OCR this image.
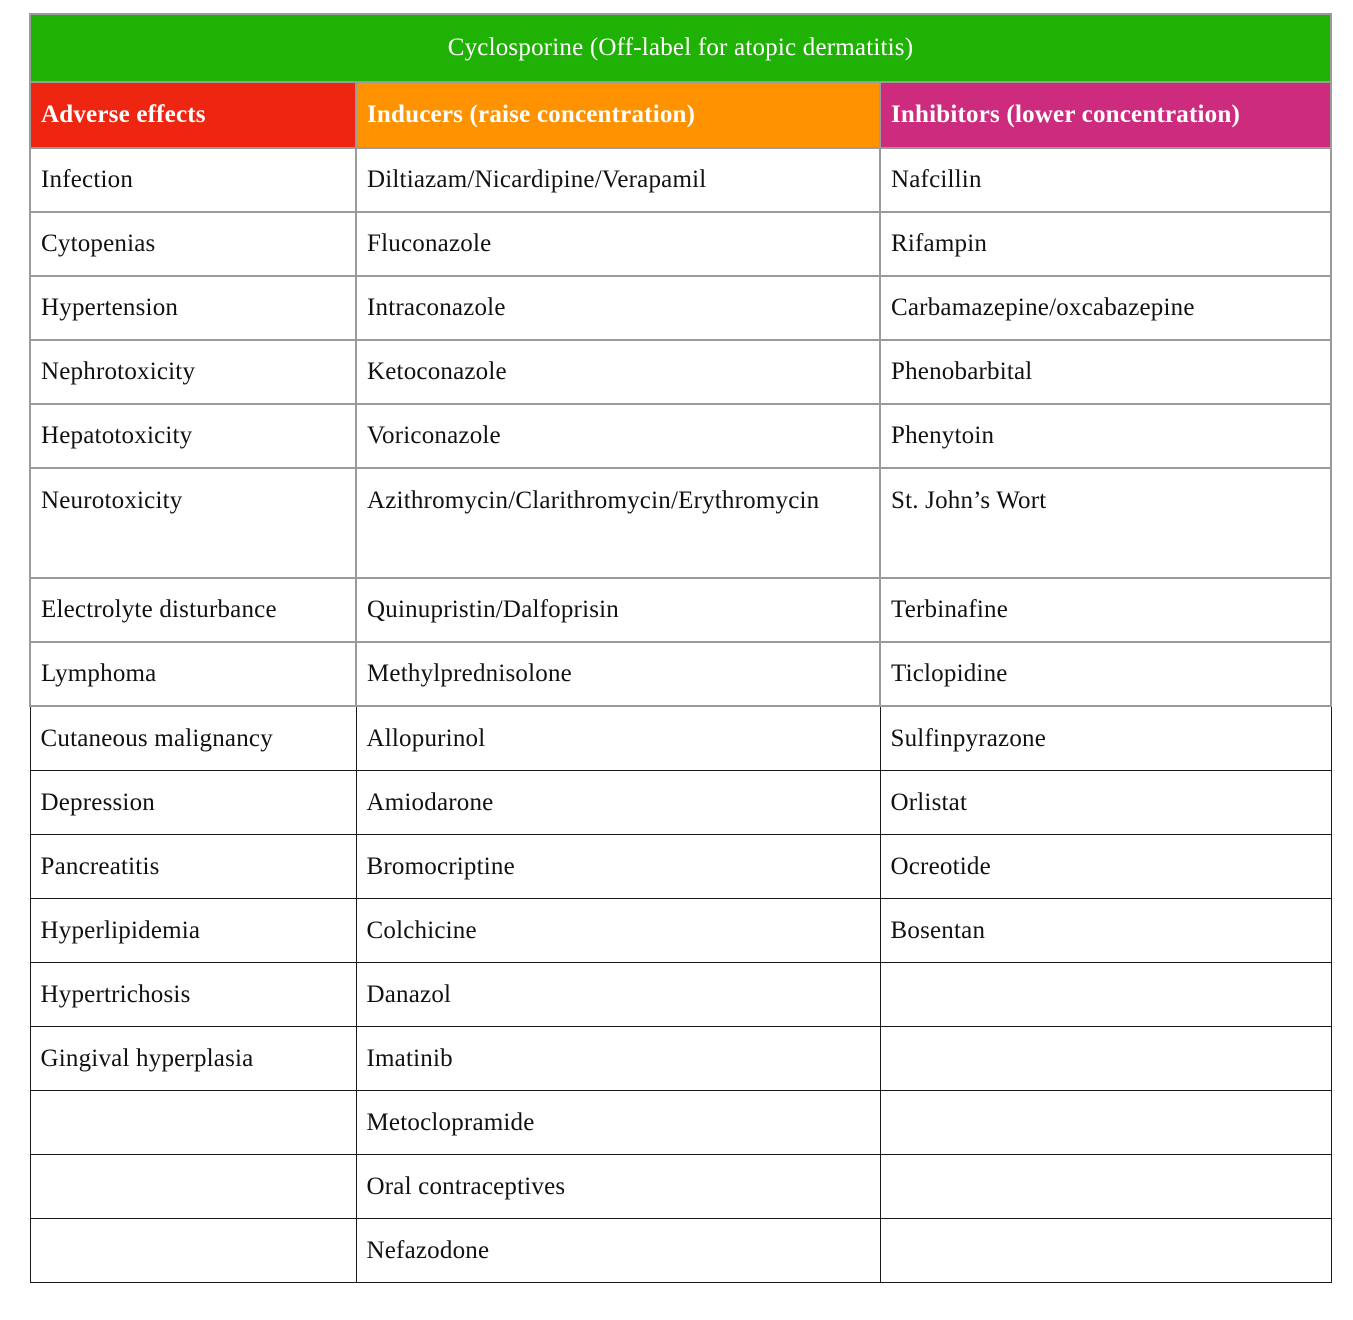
Cyclosporine (Off-label for atopic dermatitis)		
Adverse effects	Inducers (raise concentration)	Inhibitors (lower concentration)
Infection	Diltiazam/Nicardipine/Verapamil	Nafcillin
Cytopenias	Fluconazole	Rifampin
Hypertension	Intraconazole	Carbamazepine/oxcabazepine
Nephrotoxicity	Ketoconazole	Phenobarbital
Hepatotoxicity	Voriconazole	Phenytoin
Neurotoxicity	Azithromycin/Clarithromycin/Erythromycin	St. John’s Wort
Electrolyte disturbance	Quinupristin/Dalfoprisin	Terbinafine
Lymphoma	Methylprednisolone	Ticlopidine
Cutaneous malignancy	Allopurinol	Sulfinpyrazone
Depression	Amiodarone	Orlistat
Pancreatitis	Bromocriptine	Ocreotide
Hyperlipidemia	Colchicine	Bosentan
Hypertrichosis	Danazol	
Gingival hyperplasia	Imatinib	
	Metoclopramide	
	Oral contraceptives	
	Nefazodone	
